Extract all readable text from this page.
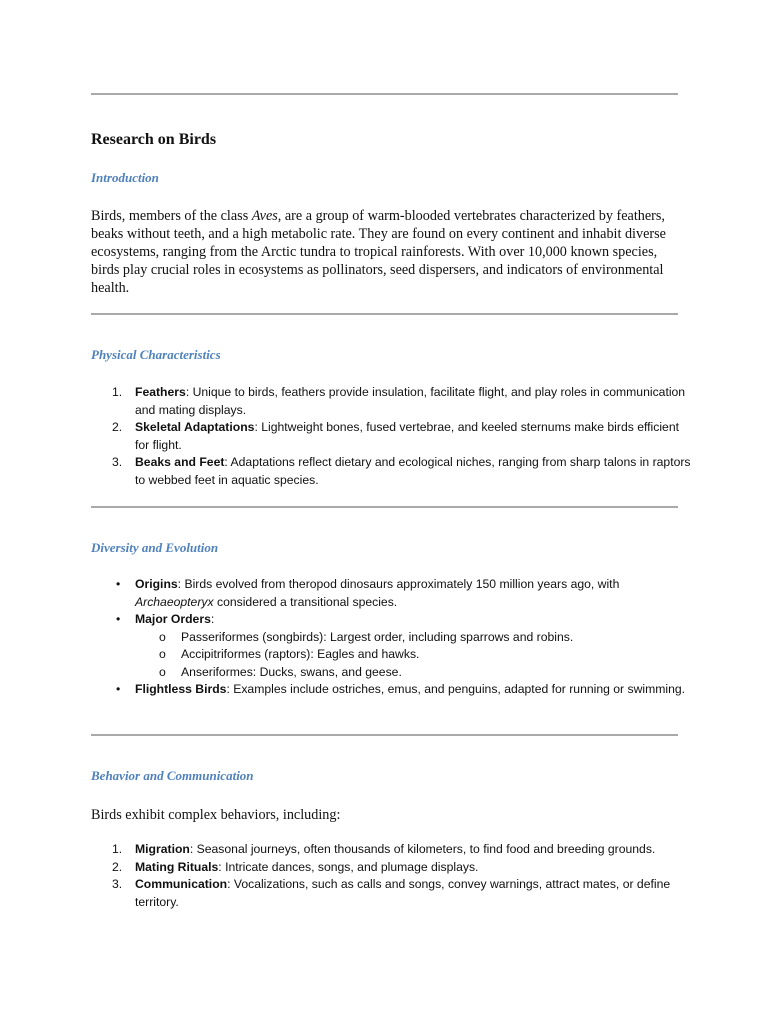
Research on Birds
Introduction

Birds, members of the class Aves, are a group of warm-blooded vertebrates characterized by feathers, beaks without teeth, and a high metabolic rate. They are found on every continent and inhabit diverse ecosystems, ranging from the Arctic tundra to tropical rainforests. With over 10,000 known species, birds play crucial roles in ecosystems as pollinators, seed dispersers, and indicators of environmental health.

Physical Characteristics
1. Feathers: Unique to birds, feathers provide insulation, facilitate flight, and play roles in communication and mating displays.
2. Skeletal Adaptations: Lightweight bones, fused vertebrae, and keeled sternums make birds efficient for flight.
3. Beaks and Feet: Adaptations reflect dietary and ecological niches, ranging from sharp talons in raptors to webbed feet in aquatic species.
Diversity and Evolution
• Origins: Birds evolved from theropod dinosaurs approximately 150 million years ago, with Archaeopteryx considered a transitional species.
• Major Orders:
o Passeriformes (songbirds): Largest order, including sparrows and robins.
o Accipitriformes (raptors): Eagles and hawks.
o Anseriformes: Ducks, swans, and geese.
• Flightless Birds: Examples include ostriches, emus, and penguins, adapted for running or swimming.
Behavior and Communication

Birds exhibit complex behaviors, including:

1. Migration: Seasonal journeys, often thousands of kilometers, to find food and breeding grounds.
2. Mating Rituals: Intricate dances, songs, and plumage displays.
3. Communication: Vocalizations, such as calls and songs, convey warnings, attract mates, or define territory.
